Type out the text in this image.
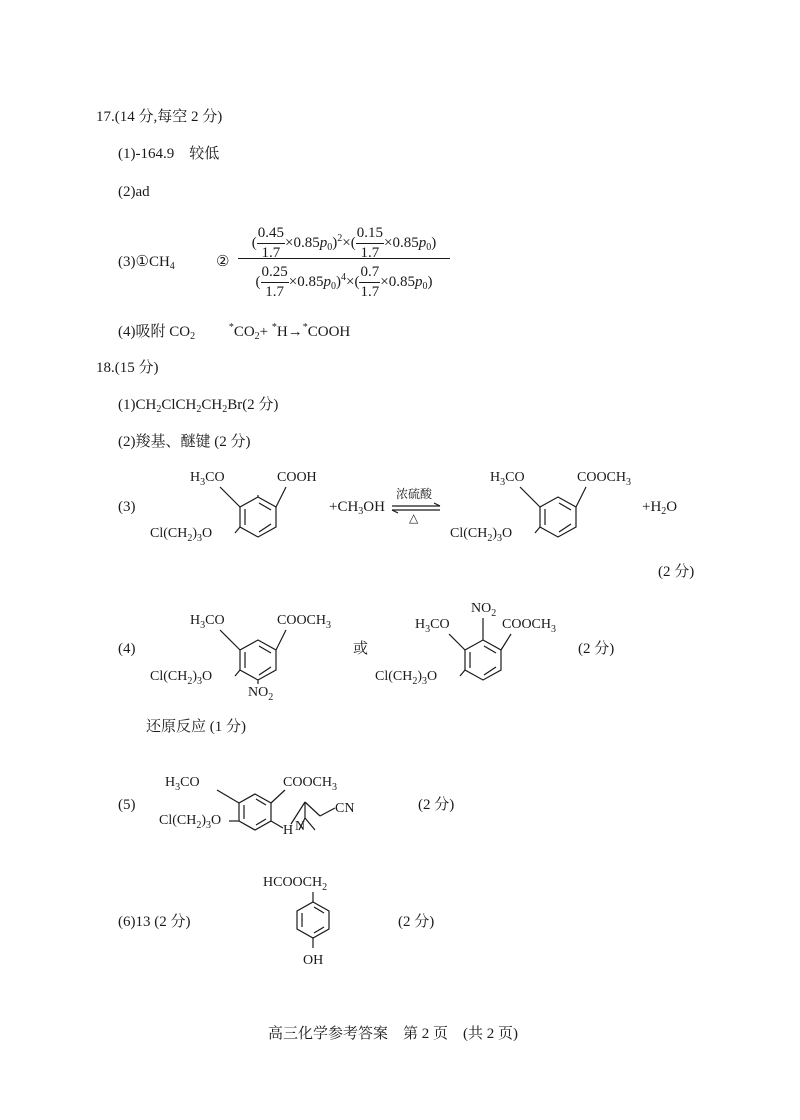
17.(14 分,每空 2 分)
(1)-164.9　较低
(2)ad
$(3)①CH_4$	②
( $\frac{0.45}{1.7} \times 0.85p_0)^2\times( \frac{0.15}{1.7} \times 0.85p_0)$
( $\frac{0.25}{1.7} \times 0.85p_0)^4\times( \frac{0.7}{1.7} \times 0.85p_0)$
(4)吸附 $CO_2$ $^*CO_2+$ *H→*COOH
18.(15 分)
$(1)CH_2ClCH_2CH_2Br(2$ 分)
(2)羧基、醚键 (2 分)
(3)
$H_3CO$	COOH
$Cl(CH_2)_3O$
$+CH_3OH$
浓硫酸
△
$H_3CO$	$COOCH_3$
$Cl(CH_2)_3O$
$+H_2O$
(2 分)
(4)
$H_3CO$	$COOCH_3$
$Cl(CH_2)_3O$
$NO_2$
或
$NO_2$
$H_3CO$	$COOCH_3$
$Cl(CH_2)_3O$
(2 分)
还原反应 (1 分)
(5)
$H_3CO$	$COOCH_3$
CN
$Cl(CH_2)_3O$
H N
(2 分)
(6)13 (2 分)
$HCOOCH_2$
OH
(2 分)
高三化学参考答案　第 2 页　(共 2 页)
